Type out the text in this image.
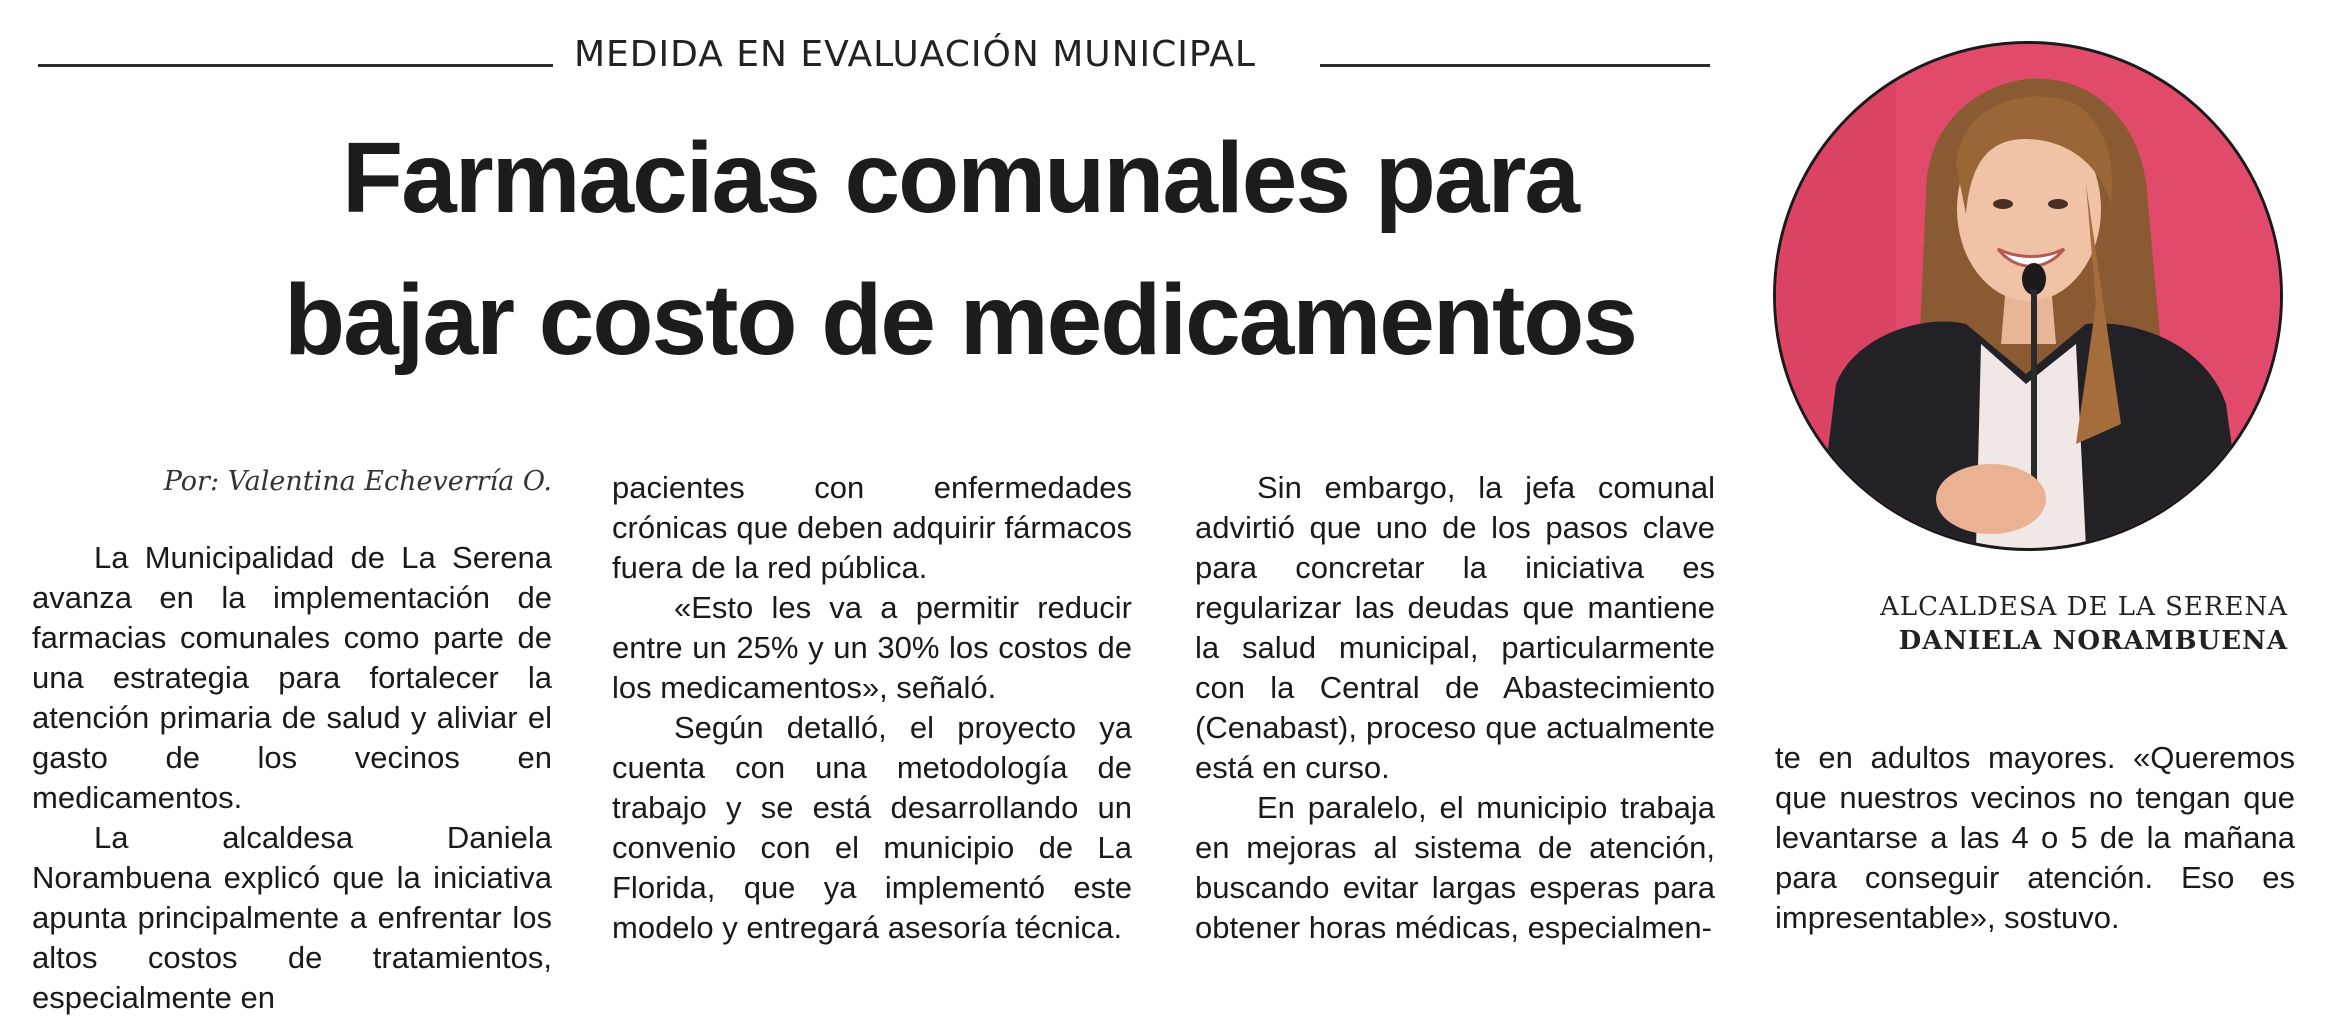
MEDIDA EN EVALUACIÓN MUNICIPAL
Farmacias comunales para
bajar costo de medicamentos
Por: Valentina Echeverría O.

La Municipalidad de La Serena avanza en la implementación de farmacias comunales como parte de una estrategia para fortalecer la atención primaria de salud y aliviar el gasto de los vecinos en medicamentos.

La alcaldesa Daniela Norambuena explicó que la iniciativa apunta principalmente a enfrentar los altos costos de tratamientos, especialmente en

pacientes con enfermedades crónicas que deben adquirir fármacos fuera de la red pública.

«Esto les va a permitir reducir entre un 25% y un 30% los costos de los medicamentos», señaló.

Según detalló, el proyecto ya cuenta con una metodología de trabajo y se está desarrollando un convenio con el municipio de La Florida, que ya implementó este modelo y entregará asesoría técnica.

Sin embargo, la jefa comunal advirtió que uno de los pasos clave para concretar la iniciativa es regularizar las deudas que mantiene la salud municipal, particularmente con la Central de Abastecimiento (Cenabast), proceso que actualmente está en curso.

En paralelo, el municipio trabaja en mejoras al sistema de atención, buscando evitar largas esperas para obtener horas médicas, especialmen-

ALCALDESA DE LA SERENA
DANIELA NORAMBUENA

te en adultos mayores. «Queremos que nuestros vecinos no tengan que levantarse a las 4 o 5 de la mañana para conseguir atención. Eso es impresentable», sostuvo.
